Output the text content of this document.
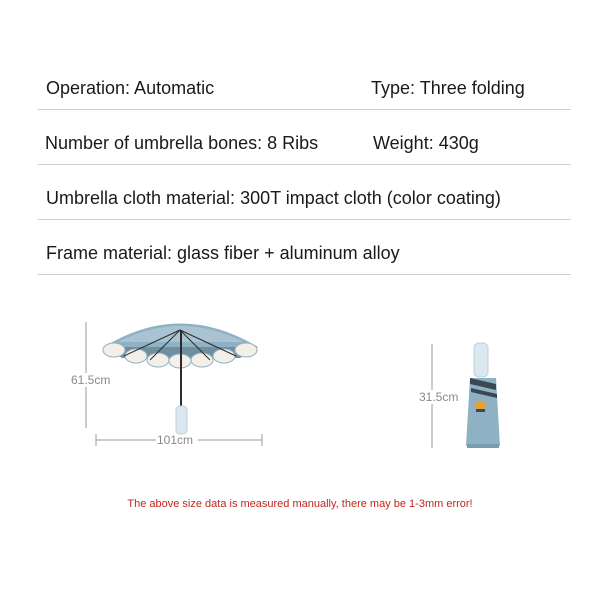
Operation: Automatic	Type: Three folding
Number of umbrella bones: 8 Ribs	Weight: 430g
Umbrella cloth material: 300T impact cloth (color coating)
Frame material: glass fiber + aluminum alloy
61.5cm
101cm
31.5cm
The above size data is measured manually, there may be 1-3mm error!
